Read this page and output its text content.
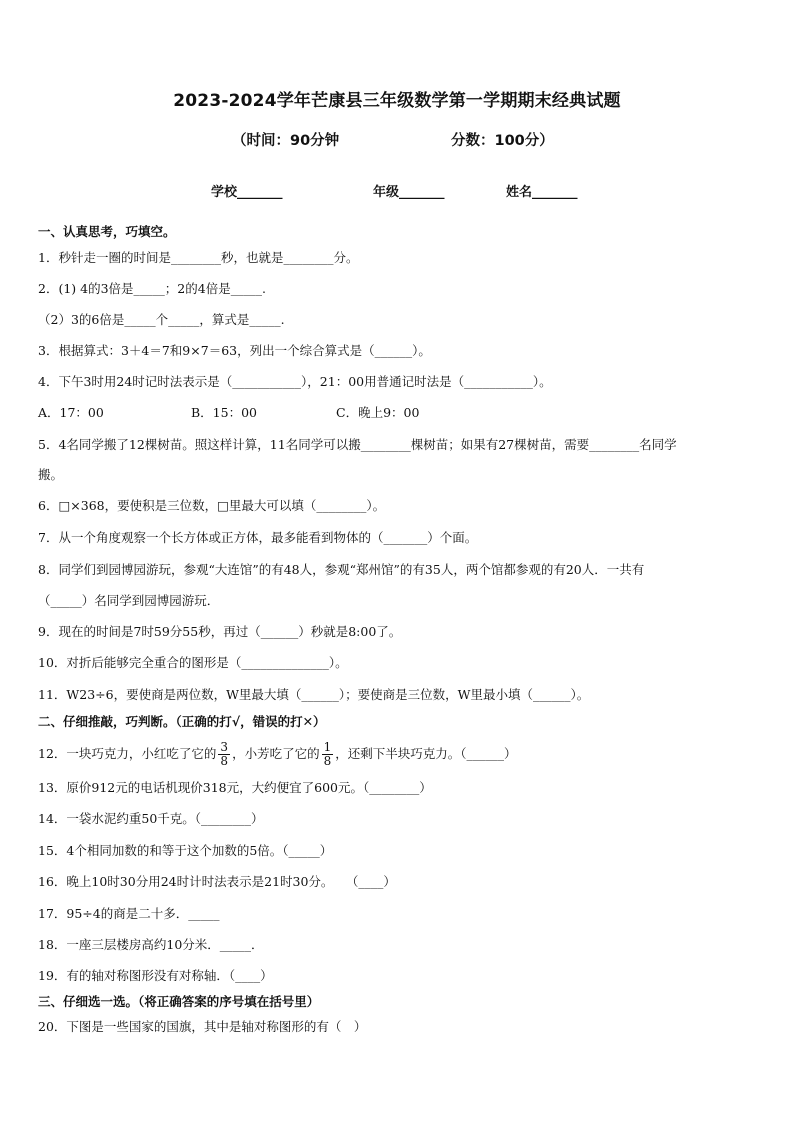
2023-2024学年芒康县三年级数学第一学期期末经典试题
（时间：90分钟	分数：100分）
学校_______	年级_______	姓名_______
一、认真思考，巧填空。
1．秒针走一圈的时间是________秒，也就是________分。
2．(1) 4的3倍是_____；2的4倍是_____.
（2）3的6倍是_____个_____，算式是_____.
3．根据算式：3＋4＝7和9×7＝63，列出一个综合算式是（______）。
4．下午3时用24时记时法表示是（___________），21：00用普通记时法是（___________）。
A．17：00	B．15：00	C．晚上9：00
5．4名同学搬了12棵树苗。照这样计算，11名同学可以搬________棵树苗；如果有27棵树苗，需要________名同学
搬。
6．□×368，要使积是三位数，□里最大可以填（________）。
7．从一个角度观察一个长方体或正方体，最多能看到物体的（_______）个面。
8．同学们到园博园游玩，参观“大连馆”的有48人，参观“郑州馆”的有35人，两个馆都参观的有20人．一共有
（_____）名同学到园博园游玩．
9．现在的时间是7时59分55秒，再过（______）秒就是8:00了。
10．对折后能够完全重合的图形是（______________）。
11．W23÷6，要使商是两位数，W里最大填（______）；要使商是三位数，W里最小填（______）。
二、仔细推敲，巧判断。（正确的打√，错误的打✕）
12．一块巧克力，小红吃了它的 $\frac{3}{8}$ ，小芳吃了它的 $\frac{1}{8}$ ，还剩下半块巧克力。（______）
13．原价912元的电话机现价318元，大约便宜了600元。（________）
14．一袋水泥约重50千克。（________）
15．4个相同加数的和等于这个加数的5倍。（_____）
16．晚上10时30分用24时计时法表示是21时30分。　　（____）
17．95÷4的商是二十多．_____
18．一座三层楼房高约10分米．_____．
19．有的轴对称图形没有对称轴．（____）
三、仔细选一选。（将正确答案的序号填在括号里）
20．下图是一些国家的国旗，其中是轴对称图形的有（　）
